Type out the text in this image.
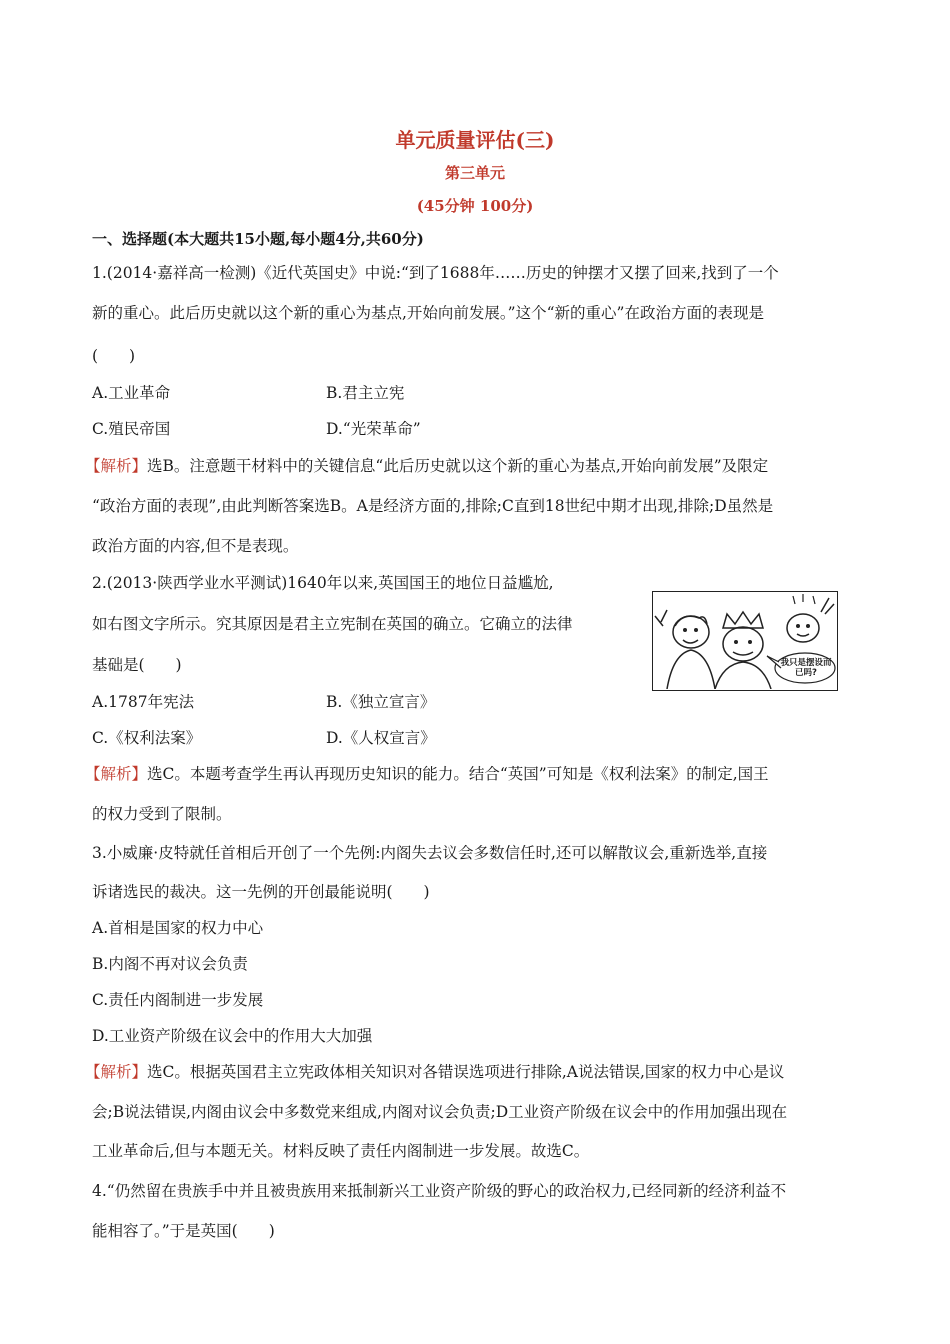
单元质量评估(三)
第三单元
(45分钟 100分)
一、选择题(本大题共15小题,每小题4分,共60分)
1.(2014·嘉祥高一检测)《近代英国史》中说:“到了1688年……历史的钟摆才又摆了回来,找到了一个
新的重心。此后历史就以这个新的重心为基点,开始向前发展。”这个“新的重心”在政治方面的表现是
(　　)
A.工业革命	B.君主立宪
C.殖民帝国	D.“光荣革命”
【解析】选B。注意题干材料中的关键信息“此后历史就以这个新的重心为基点,开始向前发展”及限定
“政治方面的表现”,由此判断答案选B。A是经济方面的,排除;C直到18世纪中期才出现,排除;D虽然是
政治方面的内容,但不是表现。
2.(2013·陕西学业水平测试)1640年以来,英国国王的地位日益尴尬,
如右图文字所示。究其原因是君主立宪制在英国的确立。它确立的法律
基础是(　　)	我只是摆设而已吗?
A.1787年宪法	B.《独立宣言》
C.《权利法案》	D.《人权宣言》
【解析】选C。本题考查学生再认再现历史知识的能力。结合“英国”可知是《权利法案》的制定,国王
的权力受到了限制。
3.小威廉·皮特就任首相后开创了一个先例:内阁失去议会多数信任时,还可以解散议会,重新选举,直接
诉诸选民的裁决。这一先例的开创最能说明(　　)
A.首相是国家的权力中心
B.内阁不再对议会负责
C.责任内阁制进一步发展
D.工业资产阶级在议会中的作用大大加强
【解析】选C。根据英国君主立宪政体相关知识对各错误选项进行排除,A说法错误,国家的权力中心是议
会;B说法错误,内阁由议会中多数党来组成,内阁对议会负责;D工业资产阶级在议会中的作用加强出现在
工业革命后,但与本题无关。材料反映了责任内阁制进一步发展。故选C。
4.“仍然留在贵族手中并且被贵族用来抵制新兴工业资产阶级的野心的政治权力,已经同新的经济利益不
能相容了。”于是英国(　　)
